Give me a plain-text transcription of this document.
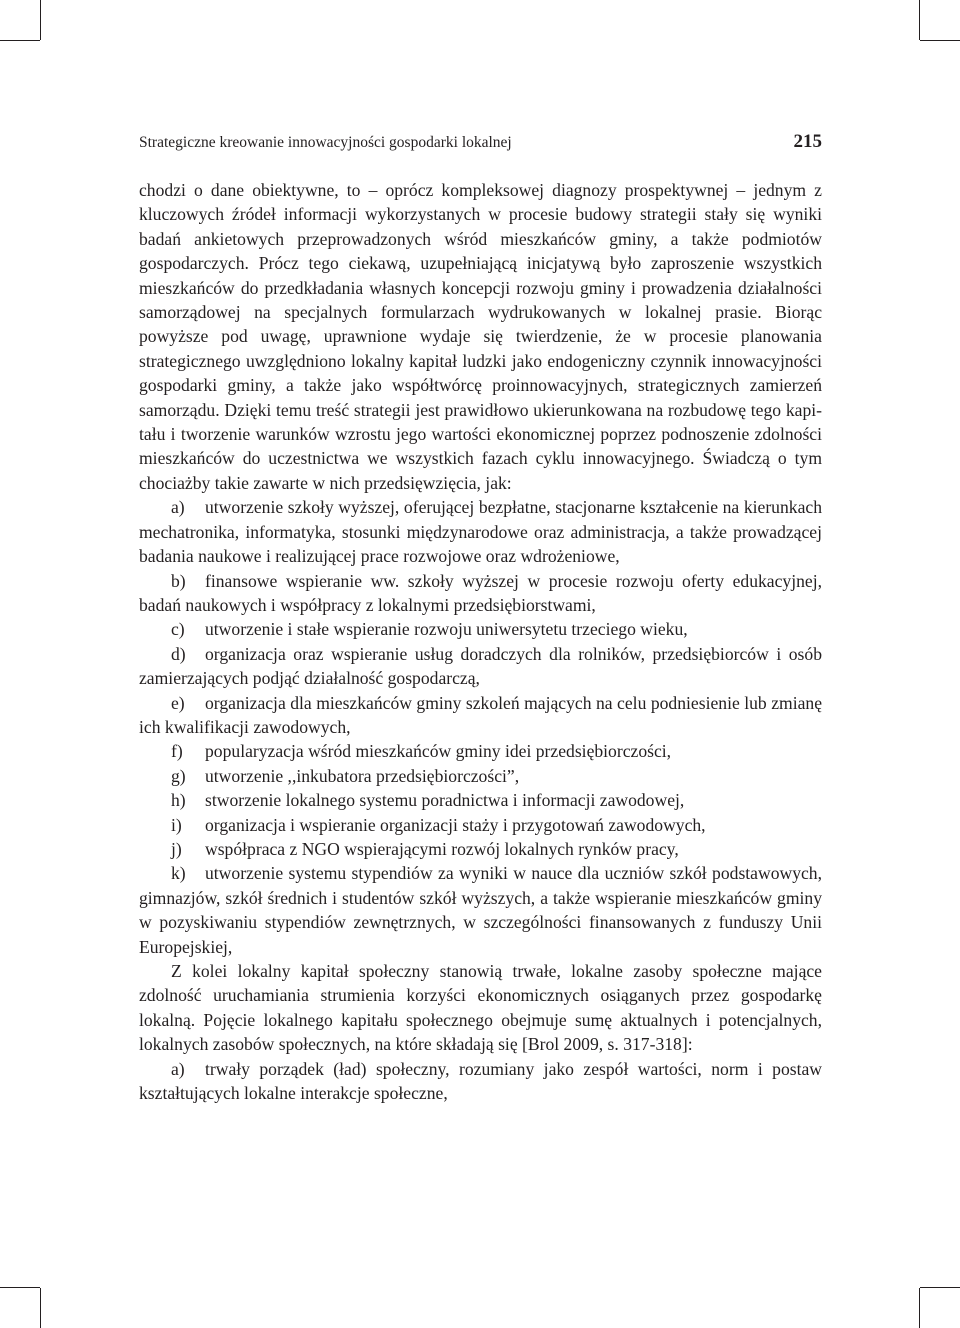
Strategiczne kreowanie innowacyjności gospodarki lokalnej	215

chodzi o dane obiektywne, to – oprócz kompleksowej diagnozy prospektywnej – jednym z kluczowych źródeł informacji wykorzystanych w procesie budowy strategii stały się wyniki badań ankietowych przeprowadzonych wśród mieszkańców gminy, a także podmiotów gospodarczych. Prócz tego ciekawą, uzupełniającą inicjatywą było zaproszenie wszystkich mieszkańców do przedkładania własnych koncepcji rozwoju gminy i prowadzenia działalności samorządowej na specjalnych formularzach wydrukowanych w lokalnej prasie. Biorąc powyższe pod uwagę, uprawnione wydaje się twierdzenie, że w procesie planowania strategicznego uwzględniono lokalny kapitał ludzki jako endogeniczny czynnik innowacyjności gospodarki gminy, a także jako współtwórcę proinnowacyjnych, strategicznych zamierzeń samorządu. Dzięki temu treść strategii jest prawidłowo ukierunkowana na rozbudowę tego kapitału i tworzenie warunków wzrostu jego wartości ekonomicznej poprzez podnoszenie zdolności mieszkańców do uczestnictwa we wszystkich fazach cyklu innowacyjnego. Świadczą o tym chociażby takie zawarte w nich przedsięwzięcia, jak:

a) utworzenie szkoły wyższej, oferującej bezpłatne, stacjonarne kształcenie na kierunkach mechatronika, informatyka, stosunki międzynarodowe oraz administracja, a także prowadzącej badania naukowe i realizującej prace rozwojowe oraz wdrożeniowe,

b) finansowe wspieranie ww. szkoły wyższej w procesie rozwoju oferty edukacyjnej, badań naukowych i współpracy z lokalnymi przedsiębiorstwami,

c) utworzenie i stałe wspieranie rozwoju uniwersytetu trzeciego wieku,

d) organizacja oraz wspieranie usług doradczych dla rolników, przedsiębiorców i osób zamierzających podjąć działalność gospodarczą,

e) organizacja dla mieszkańców gminy szkoleń mających na celu podniesienie lub zmianę ich kwalifikacji zawodowych,

f) popularyzacja wśród mieszkańców gminy idei przedsiębiorczości,

g) utworzenie ,,inkubatora przedsiębiorczości”,

h) stworzenie lokalnego systemu poradnictwa i informacji zawodowej,

i) organizacja i wspieranie organizacji staży i przygotowań zawodowych,

j) współpraca z NGO wspierającymi rozwój lokalnych rynków pracy,

k) utworzenie systemu stypendiów za wyniki w nauce dla uczniów szkół podstawowych, gimnazjów, szkół średnich i studentów szkół wyższych, a także wspieranie mieszkańców gminy w pozyskiwaniu stypendiów zewnętrznych, w szczególności finansowanych z funduszy Unii Europejskiej,

Z kolei lokalny kapitał społeczny stanowią trwałe, lokalne zasoby społeczne mające zdolność uruchamiania strumienia korzyści ekonomicznych osiąganych przez gospodarkę lokalną. Pojęcie lokalnego kapitału społecznego obejmuje sumę aktualnych i potencjalnych, lokalnych zasobów społecznych, na które składają się [Brol 2009, s. 317-318]:

a) trwały porządek (ład) społeczny, rozumiany jako zespół wartości, norm i postaw kształtujących lokalne interakcje społeczne,
